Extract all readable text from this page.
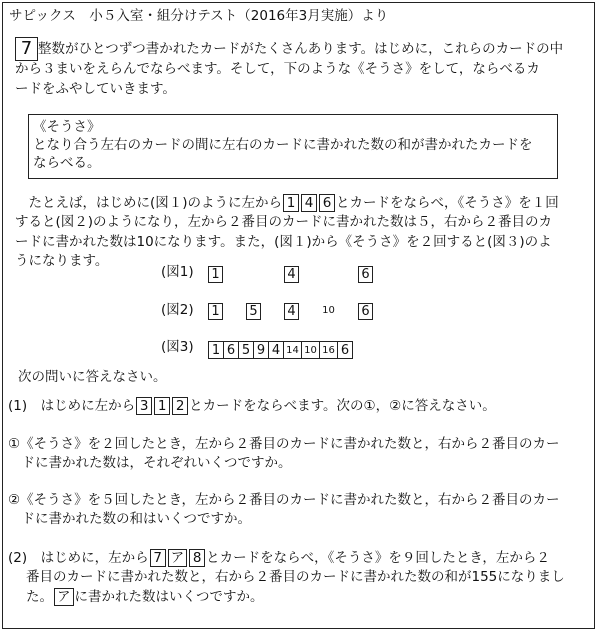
サピックス　小５入室・組分けテスト（2016年3月実施）より
7 整数がひとつずつ書かれたカードがたくさんあります。はじめに，これらのカードの中
から３まいをえらんでならべます。そして，下のような《そうさ》をして，ならべるカ
ードをふやしていきます。
《そうさ》
となり合う左右のカードの間に左右のカードに書かれた数の和が書かれたカードを
ならべる。
　たとえば，はじめに(図１)のように左から 1 4 6 とカードをならべ，《そうさ》を１回
すると(図２)のようになり，左から２番目のカードに書かれた数は５，右から２番目のカ
ードに書かれた数は10になります。また，(図１)から《そうさ》を２回すると(図３)のよ
うになります。
(図1) 1	4	6
(図2) 1 5 4	10 6
(図3) 1 6 5 9 4 14 10 16 6
次の問いに答えなさい。
(1)　はじめに左から 3 1 2 とカードをならべます。次の①，②に答えなさい。
①《そうさ》を２回したとき，左から２番目のカードに書かれた数と，右から２番目のカー
　ドに書かれた数は，それぞれいくつですか。
②《そうさ》を５回したとき，左から２番目のカードに書かれた数と，右から２番目のカー
　ドに書かれた数の和はいくつですか。
(2)　はじめに，左から 7 ア 8 とカードをならべ，《そうさ》を９回したとき，左から２
番目のカードに書かれた数と，右から２番目のカードに書かれた数の和が155になりまし
た。 ア に書かれた数はいくつですか。
